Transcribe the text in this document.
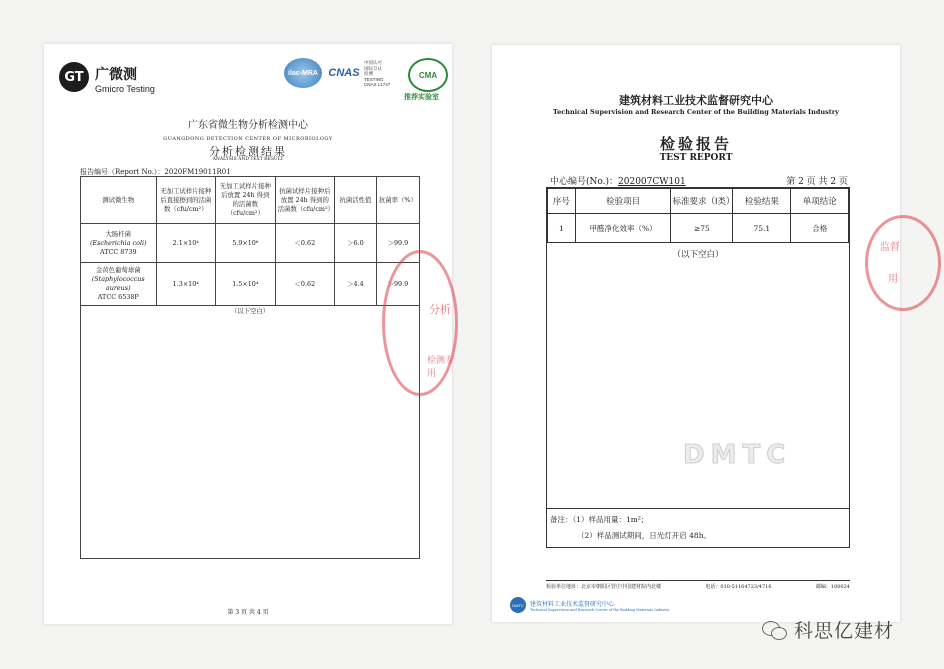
GT 广微测
Gmicro Testing
ilac-MRA CNAS
中国认可
国际互认
检测
TESTING
CNAS L1747
CMA
推荐实验室
广东省微生物分析检测中心
GUANGDONG DETECTION CENTER OF MICROBIOLOGY
分析检测结果
ANALYSIS AND TEST RESULT
报告编号（Report No.）：2020FM19011R01
测试微生物	无加工试样片接种后直接擦到的活菌数（cfu/cm²）	无加工试样片接种后放置 24h 得到的活菌数（cfu/cm²）	抗菌试样片接种后放置 24h 得到的活菌数（cfu/cm²）	抗菌活性值	抗菌率（%）

大肠杆菌
(Escherichia coli)
ATCC 8739	2.1×10⁴	5.9×10⁶	＜0.62	＞6.0	＞99.9

金黄色葡萄球菌
(Staphylococcus aureus)
ATCC 6538P	1.3×10⁴	1.5×10⁴	＜0.62	＞4.4	＞99.9
（以下空白）					
第 3 页 共 4 页
分析
检测专用
建筑材料工业技术监督研究中心
Technical Supervision and Research Center of the Building Materials Industry
检验报告
TEST REPORT
中心编号(No.)：202007CW101	第 2 页 共 2 页
序号	检验项目	标准要求（Ⅰ类）	检验结果	单项结论
1	甲醛净化效率（%）	≥75	75.1	合格
（以下空白）
DMTC
备注：（1）样品用量：1m²；
（2）样品测试期间，日光灯开启 48h。
检验单位地址：北京市朝阳区管庄中国建材院内北楼	电话：010-51164723/4716	邮编：100024
DMTC	建筑材料工业技术监督研究中心
Technical Supervision and Research Center of the Building Materials Industry
监督
用
科思亿建材
